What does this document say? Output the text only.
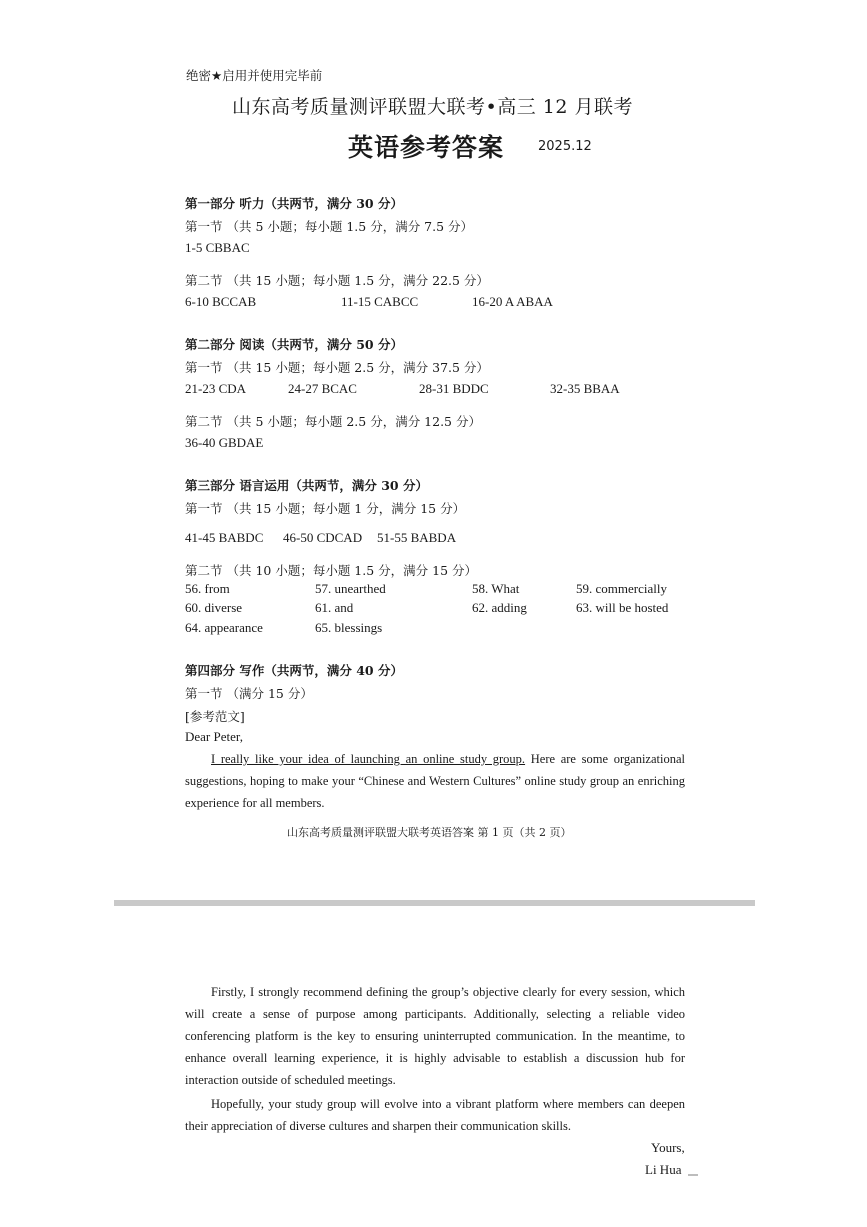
绝密★启用并使用完毕前
山东高考质量测评联盟大联考•高三 12 月联考
英语参考答案	2025.12
第一部分 听力（共两节，满分 30 分）
第一节 （共 5 小题；每小题 1.5 分，满分 7.5 分）
1-5 CBBAC
第二节 （共 15 小题；每小题 1.5 分，满分 22.5 分）
6-10 BCCAB	11-15 CABCC	16-20 A ABAA
第二部分 阅读（共两节，满分 50 分）
第一节 （共 15 小题；每小题 2.5 分，满分 37.5 分）
21-23 CDA	24-27 BCAC	28-31 BDDC	32-35 BBAA
第二节 （共 5 小题；每小题 2.5 分，满分 12.5 分）
36-40 GBDAE
第三部分 语言运用（共两节，满分 30 分）
第一节 （共 15 小题；每小题 1 分，满分 15 分）
41-45 BABDC 46-50 CDCAD 51-55 BABDA
第二节 （共 10 小题；每小题 1.5 分，满分 15 分）
56. from	57. unearthed	58. What	59. commercially
60. diverse	61. and	62. adding	63. will be hosted
64. appearance	65. blessings
第四部分 写作（共两节，满分 40 分）
第一节 （满分 15 分）
[参考范文]
Dear Peter,

I really like your idea of launching an online study group. Here are some organizational suggestions, hoping to make your “Chinese and Western Cultures” online study group an enriching experience for all members.

山东高考质量测评联盟大联考英语答案 第 1 页（共 2 页）

Firstly, I strongly recommend defining the group’s objective clearly for every session, which will create a sense of purpose among participants. Additionally, selecting a reliable video conferencing platform is the key to ensuring uninterrupted communication. In the meantime, to enhance overall learning experience, it is highly advisable to establish a discussion hub for interaction outside of scheduled meetings.

Hopefully, your study group will evolve into a vibrant platform where members can deepen their appreciation of diverse cultures and sharpen their communication skills.

Yours,
Li Hua
